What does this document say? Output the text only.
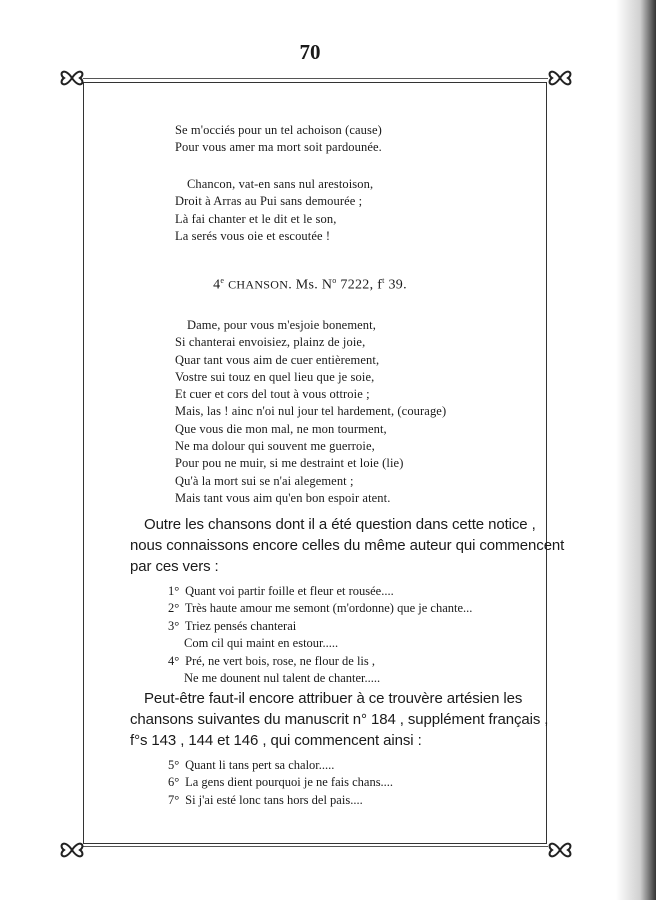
70
Se m'occiés pour un tel achoison (cause)
Pour vous amer ma mort soit pardounée.
Chancon, vat-en sans nul arestoison,
Droit à Arras au Pui sans demourée ;
Là fai chanter et le dit et le son,
La serés vous oie et escoutée !
4e CHANSON. Ms. $N^o$ 7222, $f^t$ 39.
Dame, pour vous m'esjoie bonement,
Si chanterai envoisiez, plainz de joie,
Quar tant vous aim de cuer entièrement,
Vostre sui touz en quel lieu que je soie,
Et cuer et cors del tout à vous ottroie ;
Mais, las ! ainc n'oi nul jour tel hardement, (courage)
Que vous die mon mal, ne mon tourment,
Ne ma dolour qui souvent me guerroie,
Pour pou ne muir, si me destraint et loie (lie)
Qu'à la mort sui se n'ai alegement ;
Mais tant vous aim qu'en bon espoir atent.
Outre les chansons dont il a été question dans cette notice ,
nous connaissons encore celles du même auteur qui commencent
par ces vers :
1° Quant voi partir foille et fleur et rousée....
2° Très haute amour me semont (m'ordonne) que je chante...
3° Triez pensés chanterai
Com cil qui maint en estour.....
4° Pré, ne vert bois, rose, ne flour de lis ,
Ne me dounent nul talent de chanter.....
Peut-être faut-il encore attribuer à ce trouvère artésien les
chansons suivantes du manuscrit n° 184 , supplément français ,
f°s 143 , 144 et 146 , qui commencent ainsi :
5° Quant li tans pert sa chalor.....
6° La gens dient pourquoi je ne fais chans....
7° Si j'ai esté lonc tans hors del pais....
